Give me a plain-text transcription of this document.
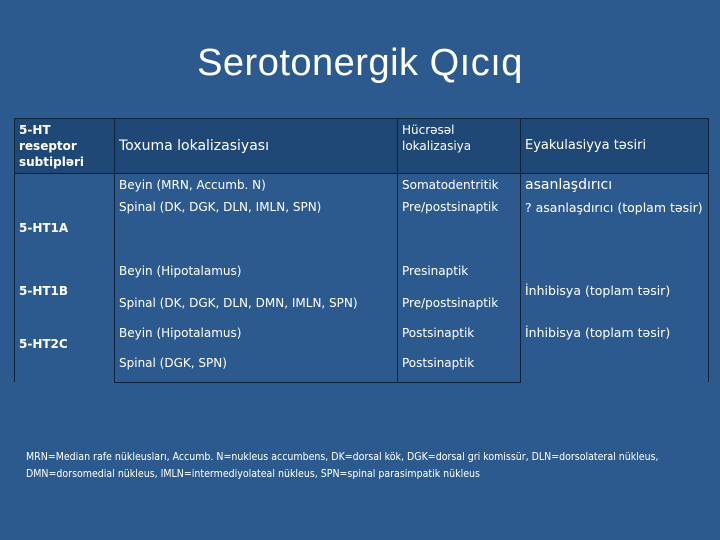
Serotonergik Qıcıq
5-HT reseptor subtipləri	Toxuma lokalizasiyası	Hücrəsəl lokalizasiya	Eyakulasiyya təsiri
	Beyin (MRN, Accumb. N)	Somatodentritik	asanlaşdırıcı
5-HT1A	Spinal (DK, DGK, DLN, IMLN, SPN)	Pre/postsinaptik	? asanlaşdırıcı (toplam təsir)
5-HT1B	Beyin (Hipotalamus)	Presinaptik	İnhibisya (toplam təsir)
	Spinal (DK, DGK, DLN, DMN, IMLN, SPN)	Pre/postsinaptik	
5-HT2C	Beyin (Hipotalamus)	Postsinaptik	İnhibisya (toplam təsir)
	Spinal (DGK, SPN)	Postsinaptik	
MRN=Median rafe nükleusları, Accumb. N=nukleus accumbens, DK=dorsal kök, DGK=dorsal gri komissür, DLN=dorsolateral nükleus, DMN=dorsomedial nükleus, IMLN=intermediyolateal nükleus, SPN=spinal parasimpatik nükleus
